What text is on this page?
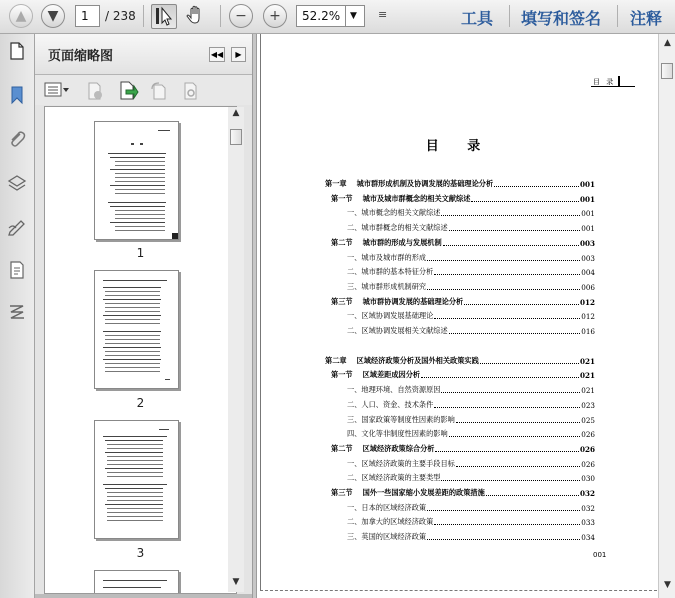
▲	▼	1	/ 238	−	+	52.2%	▼	≡	工具 填写和签名 注释
页面缩略图	◀◀	▶
1
2
3
▲
▼
目 录
目 录
第一章 城市群形成机制及协调发展的基础理论分析	001
第一节 城市及城市群概念的相关文献综述	001
一、城市概念的相关文献综述	001
二、城市群概念的相关文献综述	001
第二节 城市群的形成与发展机制	003
一、城市及城市群的形成	003
二、城市群的基本特征分析	004
三、城市群形成机制研究	006
第三节 城市群协调发展的基础理论分析	012
一、区域协调发展基础理论	012
二、区域协调发展相关文献综述	016
第二章 区域经济政策分析及国外相关政策实践	021
第一节 区域差距成因分析	021
一、地理环境、自然资源原因	021
二、人口、资金、技术条件	023
三、国家政策等制度性因素的影响	025
四、文化等非制度性因素的影响	026
第二节 区域经济政策综合分析	026
一、区域经济政策的主要手段目标	026
二、区域经济政策的主要类型	030
第三节 国外一些国家缩小发展差距的政策措施	032
一、日本的区域经济政策	032
二、加拿大的区域经济政策	033
三、英国的区域经济政策	034
001
▲
▼
